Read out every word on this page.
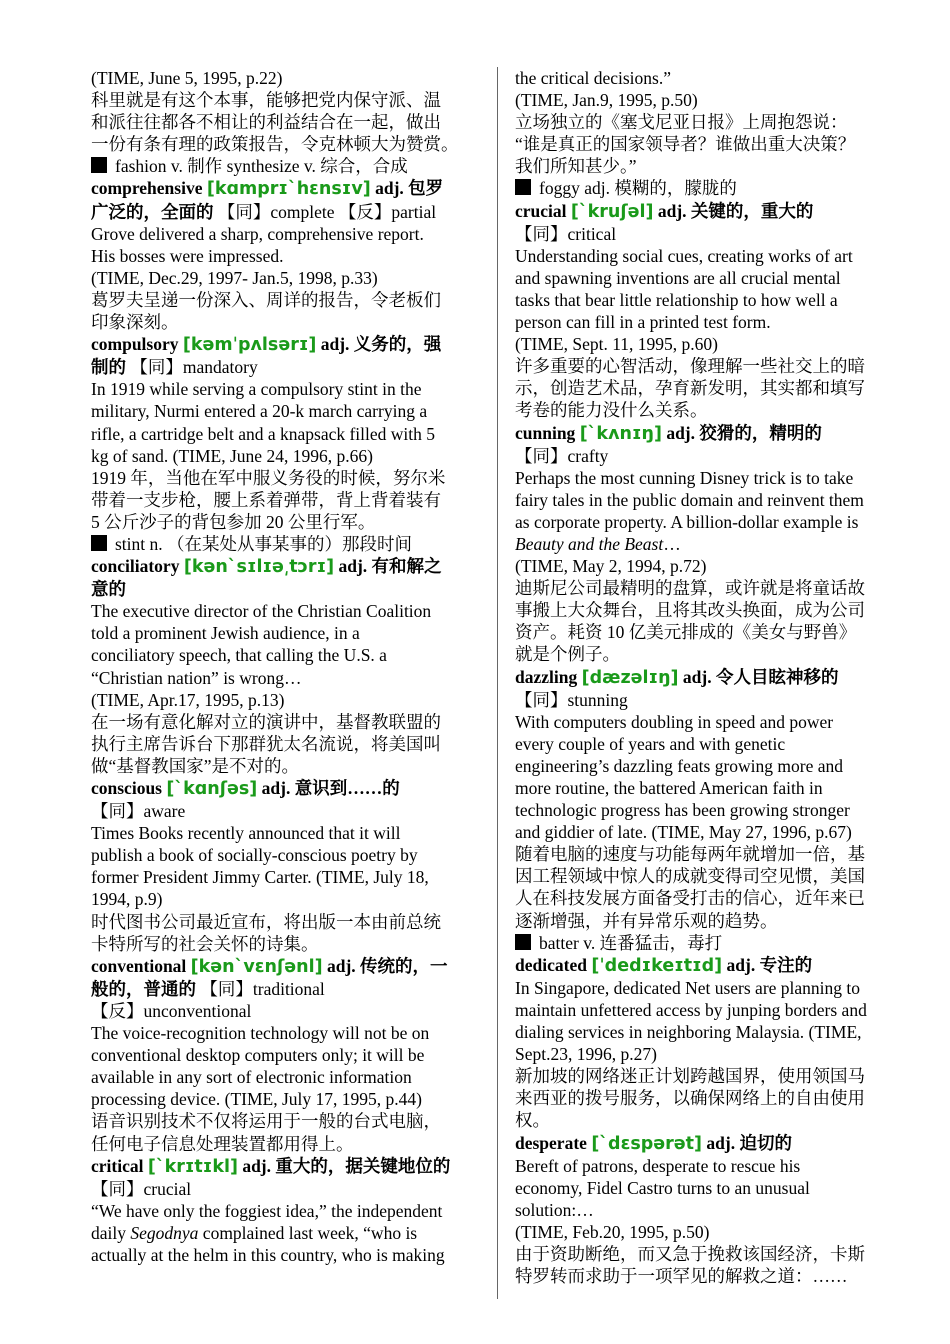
(TIME, June 5, 1995, p.22)
科里就是有这个本事，能够把党内保守派、温
和派往往都各不相让的利益结合在一起，做出
一份有条有理的政策报告，令克林顿大为赞赏。
fashion v. 制作 synthesize v. 综合，合成
comprehensive [kɑmprɪ`hɛnsɪv] adj. 包罗
广泛的，全面的 【同】complete 【反】partial
Grove delivered a sharp, comprehensive report.
His bosses were impressed.
(TIME, Dec.29, 1997- Jan.5, 1998, p.33)
葛罗夫呈递一份深入、周详的报告，令老板们
印象深刻。
compulsory [kəmˈpʌlsərɪ] adj. 义务的，强
制的 【同】mandatory
In 1919 while serving a compulsory stint in the
military, Nurmi entered a 20-k march carrying a
rifle, a cartridge belt and a knapsack filled with 5
kg of sand. (TIME, June 24, 1996, p.66)
1919 年，当他在军中服义务役的时候，努尔米
带着一支步枪，腰上系着弹带，背上背着装有
5 公斤沙子的背包参加 20 公里行军。
stint n. （在某处从事某事的）那段时间
conciliatory [kən`sɪlɪə͵tɔrɪ] adj. 有和解之
意的
The executive director of the Christian Coalition
told a prominent Jewish audience, in a
conciliatory speech, that calling the U.S. a
“Christian nation” is wrong…
(TIME, Apr.17, 1995, p.13)
在一场有意化解对立的演讲中，基督教联盟的
执行主席告诉台下那群犹太名流说，将美国叫
做“基督教国家”是不对的。
conscious [`kɑnʃəs] adj. 意识到……的
【同】aware
Times Books recently announced that it will
publish a book of socially-conscious poetry by
former President Jimmy Carter. (TIME, July 18,
1994, p.9)
时代图书公司最近宣布，将出版一本由前总统
卡特所写的社会关怀的诗集。
conventional [kən`vɛnʃənl] adj. 传统的，一
般的，普通的 【同】traditional
【反】unconventional
The voice-recognition technology will not be on
conventional desktop computers only; it will be
available in any sort of electronic information
processing device. (TIME, July 17, 1995, p.44)
语音识别技术不仅将运用于一般的台式电脑，
任何电子信息处理装置都用得上。
critical [`krɪtɪkl] adj. 重大的，据关键地位的
【同】crucial
“We have only the foggiest idea,” the independent
daily Segodnya complained last week, “who is
actually at the helm in this country, who is making
the critical decisions.”
(TIME, Jan.9, 1995, p.50)
立场独立的《塞戈尼亚日报》上周抱怨说：
“谁是真正的国家领导者？谁做出重大决策？
我们所知甚少。”
foggy adj. 模糊的，朦胧的
crucial [`kruʃəl] adj. 关键的，重大的
【同】critical
Understanding social cues, creating works of art
and spawning inventions are all crucial mental
tasks that bear little relationship to how well a
person can fill in a printed test form.
(TIME, Sept. 11, 1995, p.60)
许多重要的心智活动，像理解一些社交上的暗
示，创造艺术品，孕育新发明，其实都和填写
考卷的能力没什么关系。
cunning [`kʌnɪŋ] adj. 狡猾的，精明的
【同】crafty
Perhaps the most cunning Disney trick is to take
fairy tales in the public domain and reinvent them
as corporate property. A billion-dollar example is
Beauty and the Beast…
(TIME, May 2, 1994, p.72)
迪斯尼公司最精明的盘算，或许就是将童话故
事搬上大众舞台，且将其改头换面，成为公司
资产。耗资 10 亿美元排成的《美女与野兽》
就是个例子。
dazzling [dæzəlɪŋ] adj. 令人目眩神移的
【同】stunning
With computers doubling in speed and power
every couple of years and with genetic
engineering’s dazzling feats growing more and
more routine, the battered American faith in
technologic progress has been growing stronger
and giddier of late. (TIME, May 27, 1996, p.67)
随着电脑的速度与功能每两年就增加一倍，基
因工程领域中惊人的成就变得司空见惯，美国
人在科技发展方面备受打击的信心，近年来已
逐渐增强，并有异常乐观的趋势。
batter v. 连番猛击，毒打
dedicated [ˈdedɪkeɪtɪd] adj. 专注的
In Singapore, dedicated Net users are planning to
maintain unfettered access by junping borders and
dialing services in neighboring Malaysia. (TIME,
Sept.23, 1996, p.27)
新加坡的网络迷正计划跨越国界，使用领国马
来西亚的拨号服务，以确保网络上的自由使用
权。
desperate [`dɛspərət] adj. 迫切的
Bereft of patrons, desperate to rescue his
economy, Fidel Castro turns to an unusual
solution:…
(TIME, Feb.20, 1995, p.50)
由于资助断绝，而又急于挽救该国经济，卡斯
特罗转而求助于一项罕见的解救之道：……
